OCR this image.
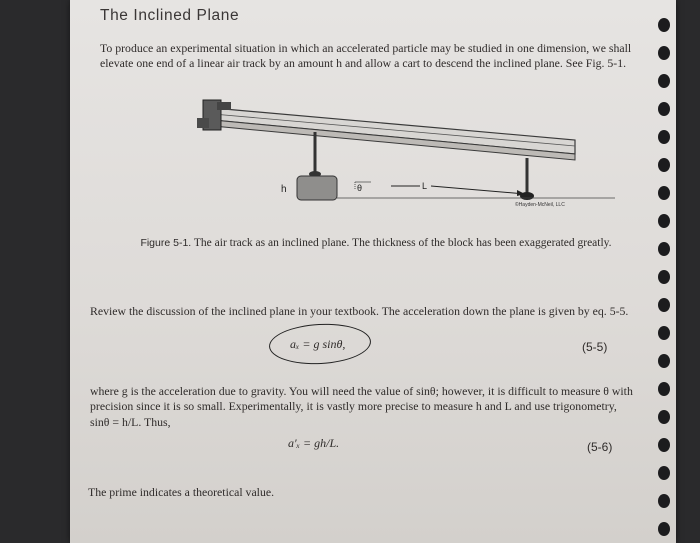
The Inclined Plane

To produce an experimental situation in which an accelerated particle may be studied in one dimension, we shall elevate one end of a linear air track by an amount h and allow a cart to descend the inclined plane. See Fig. 5-1.

h	θ	L
©Hayden-McNeil, LLC
Figure 5-1. The air track as an inclined plane. The thickness of the block has been exaggerated greatly.

Review the discussion of the inclined plane in your textbook. The acceleration down the plane is given by eq. 5-5.

aₓ = g sinθ,	(5-5)

where g is the acceleration due to gravity. You will need the value of sinθ; however, it is difficult to measure θ with precision since it is so small. Experimentally, it is vastly more precise to measure h and L and use trigonometry, sinθ = h/L. Thus,

a′ₓ = gh/L.	(5-6)

The prime indicates a theoretical value.
